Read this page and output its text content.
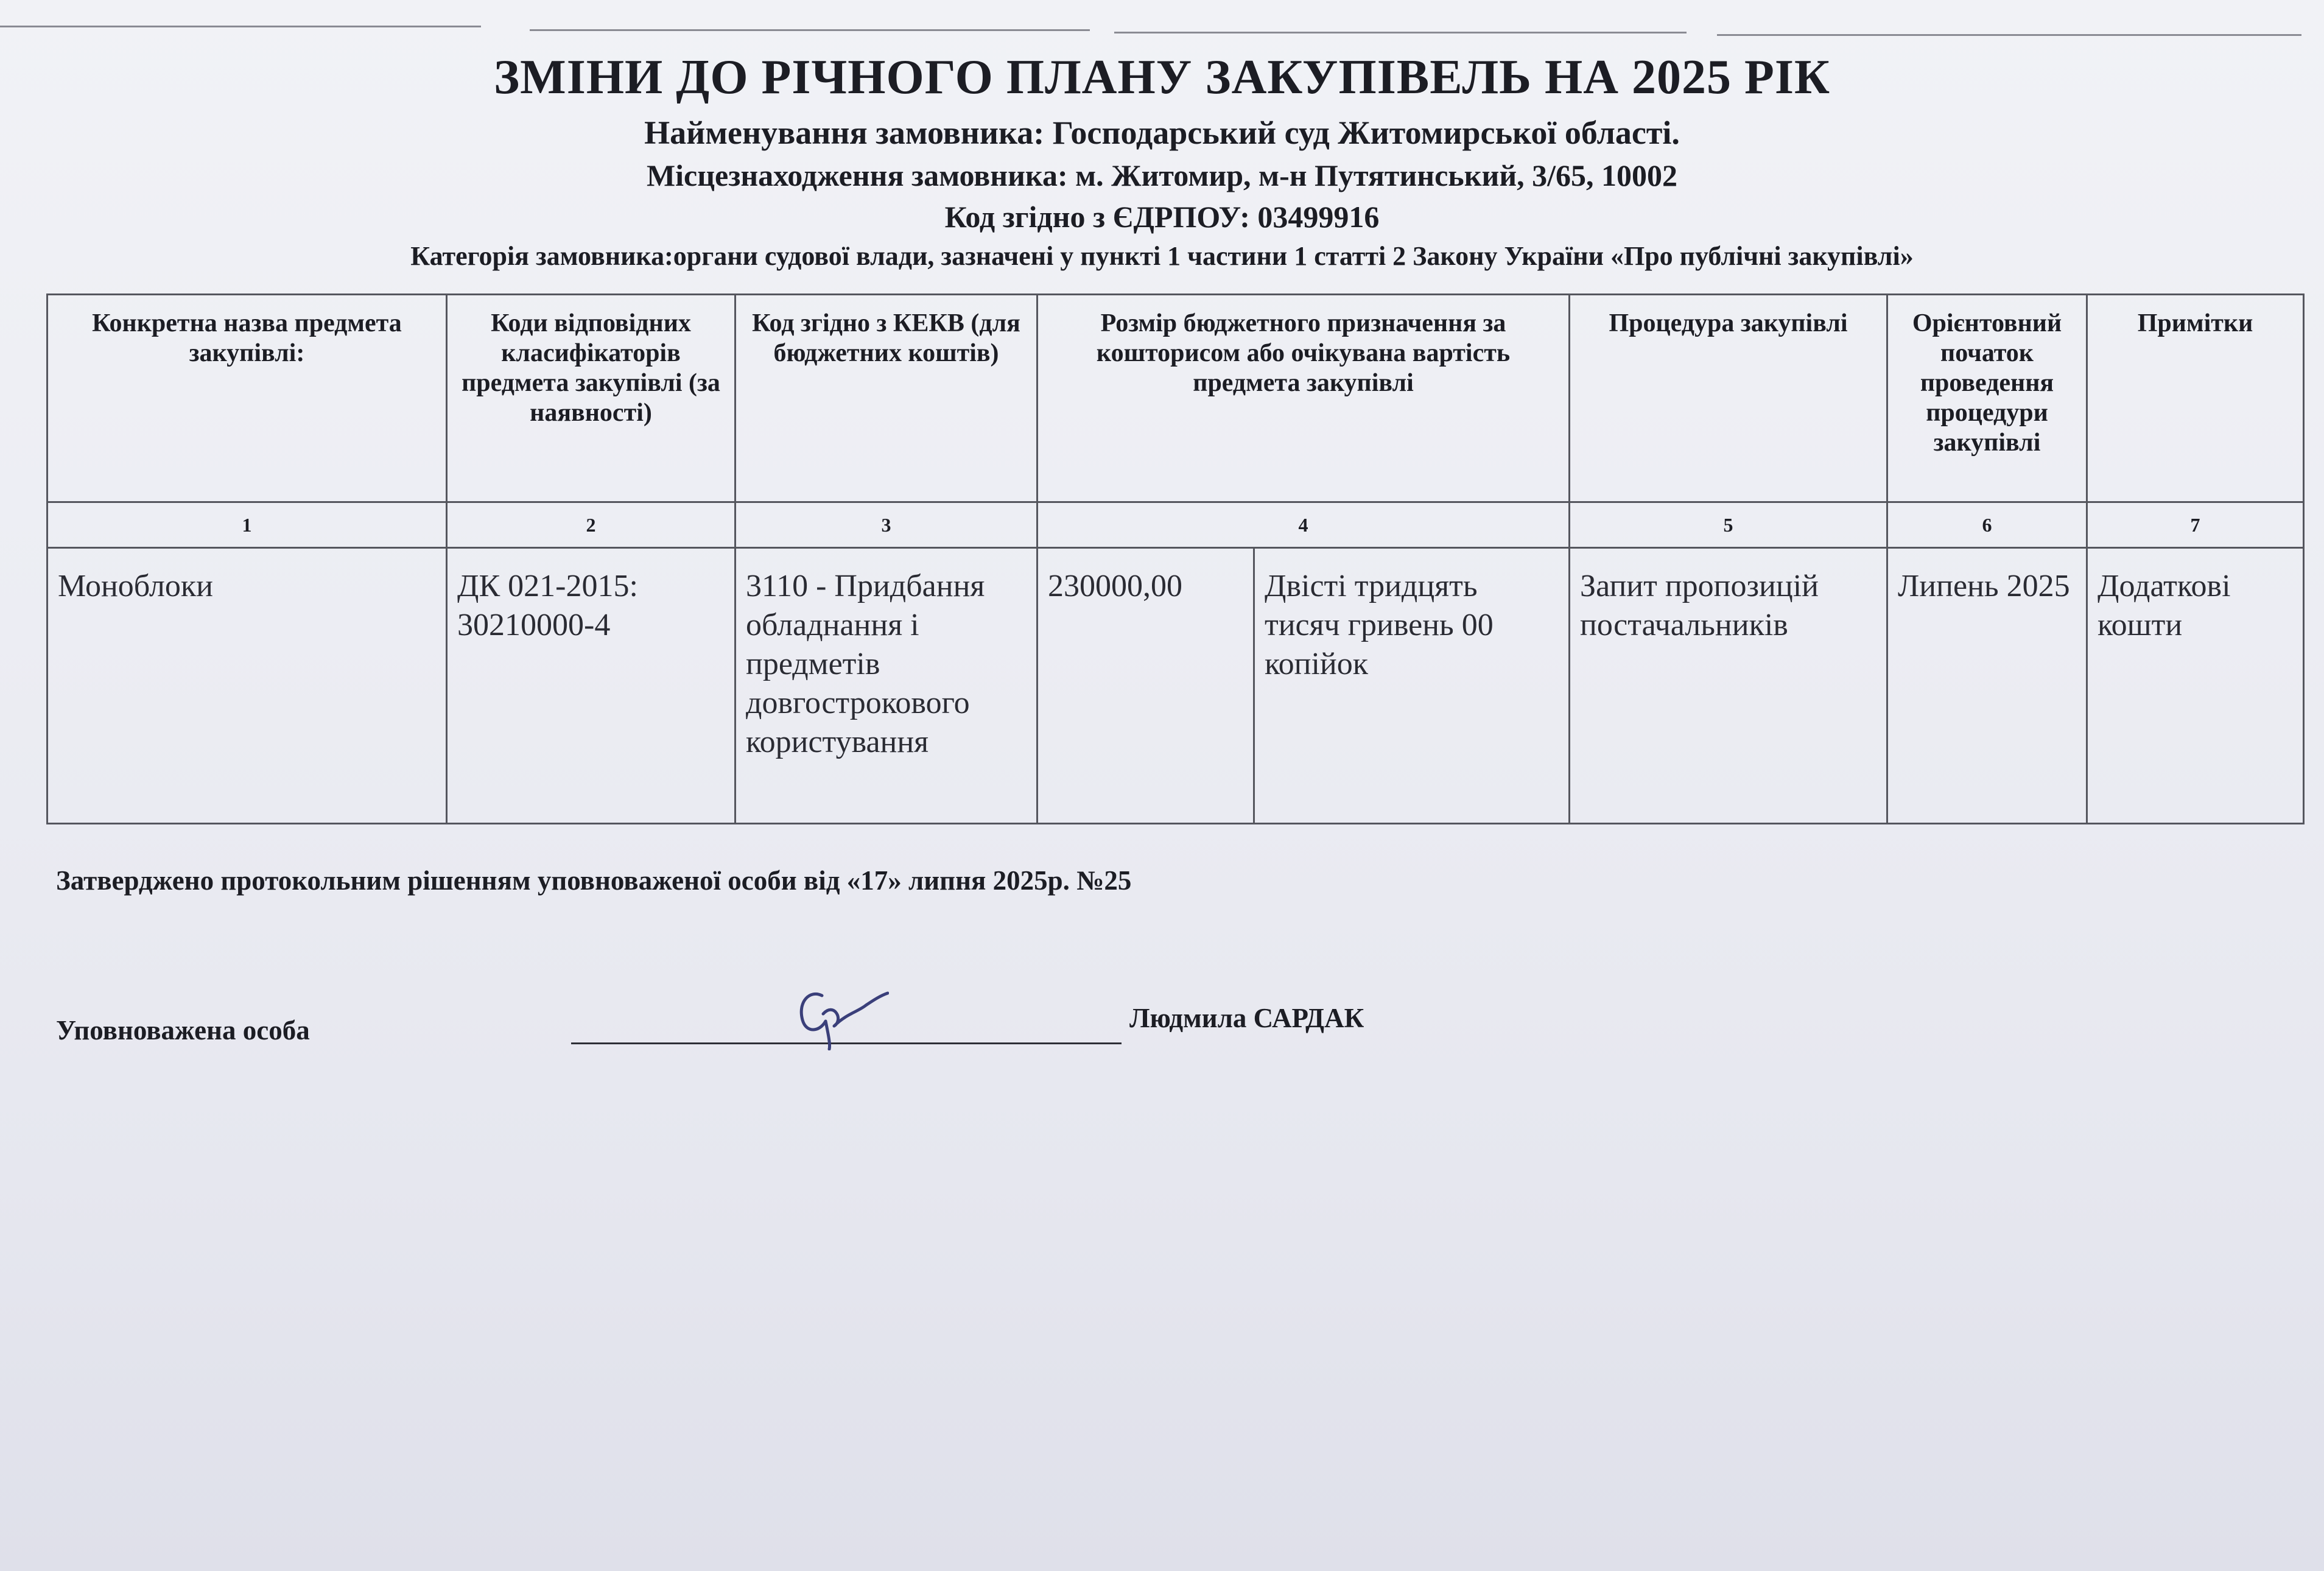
ЗМІНИ ДО РІЧНОГО ПЛАНУ ЗАКУПІВЕЛЬ НА 2025 РІК
Найменування замовника: Господарський суд Житомирської області.
Місцезнаходження замовника: м. Житомир, м-н Путятинський, 3/65, 10002
Код згідно з ЄДРПОУ: 03499916
Категорія замовника:органи судової влади, зазначені у пункті 1 частини 1 статті 2 Закону України «Про публічні закупівлі»
Конкретна назва предмета закупівлі:	Коди відповідних класифікаторів предмета закупівлі (за наявності)	Код згідно з КЕКВ (для бюджетних коштів)	Розмір бюджетного призначення за кошторисом або очікувана вартість предмета закупівлі		Процедура закупівлі	Орієнтовний початок проведення процедури закупівлі	Примітки
1	2	3	4		5	6	7
Моноблоки	ДК 021-2015: 30210000-4	3110 - Придбання обладнання і предметів довгострокового користування	230000,00	Двісті тридцять тисяч гривень 00 копійок	Запит пропозицій постачальників	Липень 2025	Додаткові кошти
Затверджено протокольним рішенням уповноваженої особи від «17» липня 2025р. №25
Уповноважена особа	Людмила САРДАК
